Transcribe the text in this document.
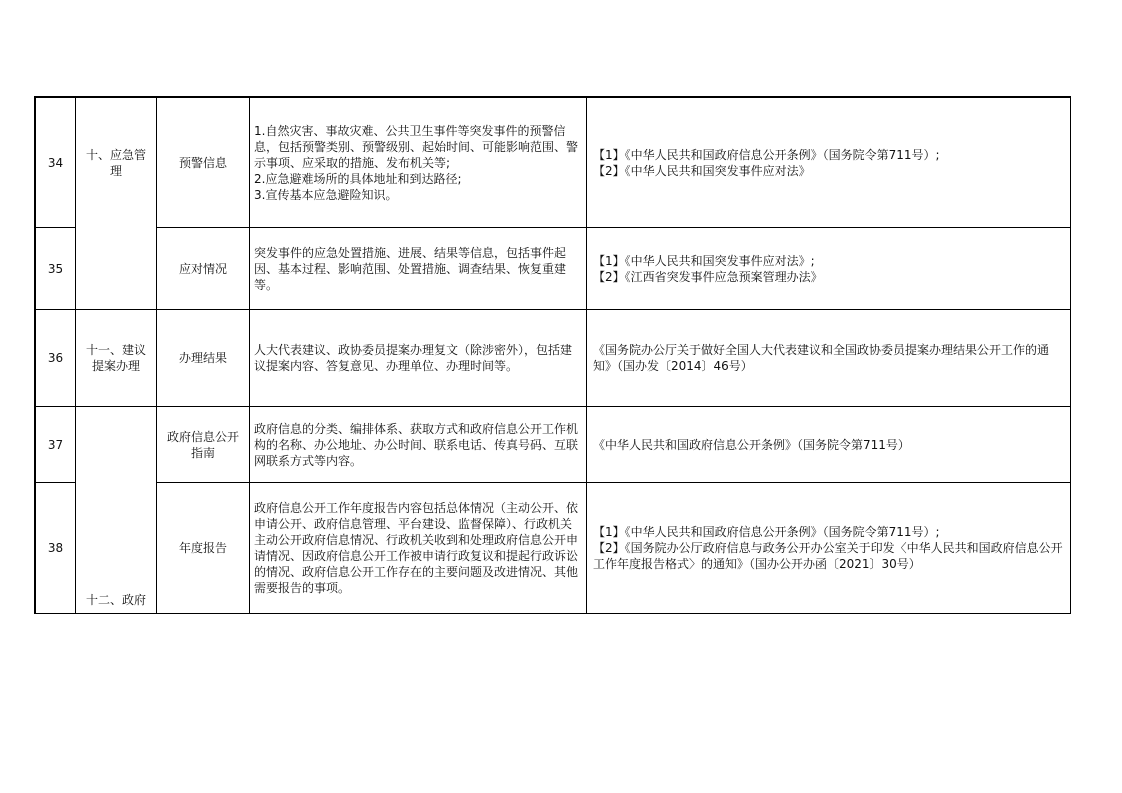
34
十、应急管
理
预警信息
1.自然灾害、事故灾难、公共卫生事件等突发事件的预警信息，包括预警类别、预警级别、起始时间、可能影响范围、警示事项、应采取的措施、发布机关等;
2.应急避难场所的具体地址和到达路径;
3.宣传基本应急避险知识。
【1】《中华人民共和国政府信息公开条例》（国务院令第711号）;
【2】《中华人民共和国突发事件应对法》
35	应对情况
突发事件的应急处置措施、进展、结果等信息，包括事件起因、基本过程、影响范围、处置措施、调查结果、恢复重建等。
【1】《中华人民共和国突发事件应对法》;
【2】《江西省突发事件应急预案管理办法》
36
十一、建议
提案办理
办理结果
人大代表建议、政协委员提案办理复文（除涉密外），包括建议提案内容、答复意见、办理单位、办理时间等。
《国务院办公厅关于做好全国人大代表建议和全国政协委员提案办理结果公开工作的通知》（国办发〔2014〕46号）
37
政府信息公开
指南
政府信息的分类、编排体系、获取方式和政府信息公开工作机构的名称、办公地址、办公时间、联系电话、传真号码、互联网联系方式等内容。
《中华人民共和国政府信息公开条例》（国务院令第711号）
38
十二、政府
年度报告
政府信息公开工作年度报告内容包括总体情况（主动公开、依申请公开、政府信息管理、平台建设、监督保障）、行政机关主动公开政府信息情况、行政机关收到和处理政府信息公开申请情况、因政府信息公开工作被申请行政复议和提起行政诉讼的情况、政府信息公开工作存在的主要问题及改进情况、其他需要报告的事项。
【1】《中华人民共和国政府信息公开条例》（国务院令第711号）;
【2】《国务院办公厅政府信息与政务公开办公室关于印发〈中华人民共和国政府信息公开工作年度报告格式〉的通知》（国办公开办函〔2021〕30号）
